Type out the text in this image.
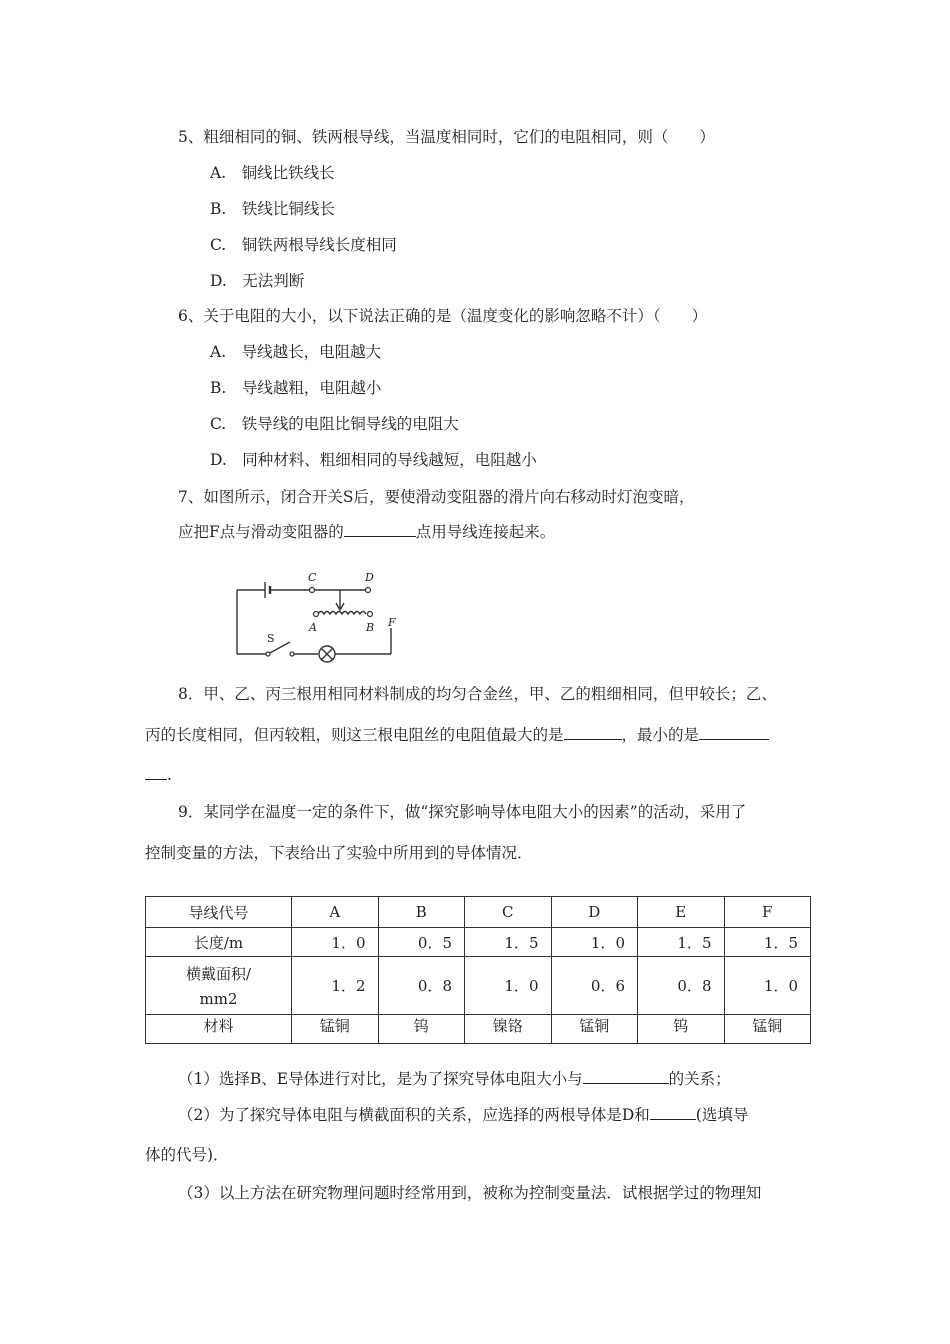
5、粗细相同的铜、铁两根导线，当温度相同时，它们的电阻相同，则（　　）
A.　铜线比铁线长
B.　铁线比铜线长
C.　铜铁两根导线长度相同
D.　无法判断
6、关于电阻的大小，以下说法正确的是（温度变化的影响忽略不计）（　　）
A.　导线越长，电阻越大
B.　导线越粗，电阻越小
C.　铁导线的电阻比铜导线的电阻大
D.　同种材料、粗细相同的导线越短，电阻越小
7、如图所示，闭合开关S后，要使滑动变阻器的滑片向右移动时灯泡变暗，
应把F点与滑动变阻器的	点用导线连接起来。
C	D
A	B F
S
8．甲、乙、丙三根用相同材料制成的均匀合金丝，甲、乙的粗细相同，但甲较长；乙、
丙的长度相同，但丙较粗，则这三根电阻丝的电阻值最大的是	，最小的是
.
9．某同学在温度一定的条件下，做“探究影响导体电阻大小的因素”的活动，采用了
控制变量的方法，下表给出了实验中所用到的导体情况．
导线代号	A	B	C	D	E	F
长度/m	1．0	0．5	1．5	1．0	1．5	1．5

横戴面积/
mm2	1．2	0．8	1．0	0．6	0．8	1．0
材料	锰铜	钨	镍铬	锰铜	钨	锰铜
（1）选择B、E导体进行对比，是为了探究导体电阻大小与	的关系；
（2）为了探究导体电阻与横截面积的关系，应选择的两根导体是D和	(选填导
体的代号)．
（3）以上方法在研究物理问题时经常用到，被称为控制变量法．试根据学过的物理知
